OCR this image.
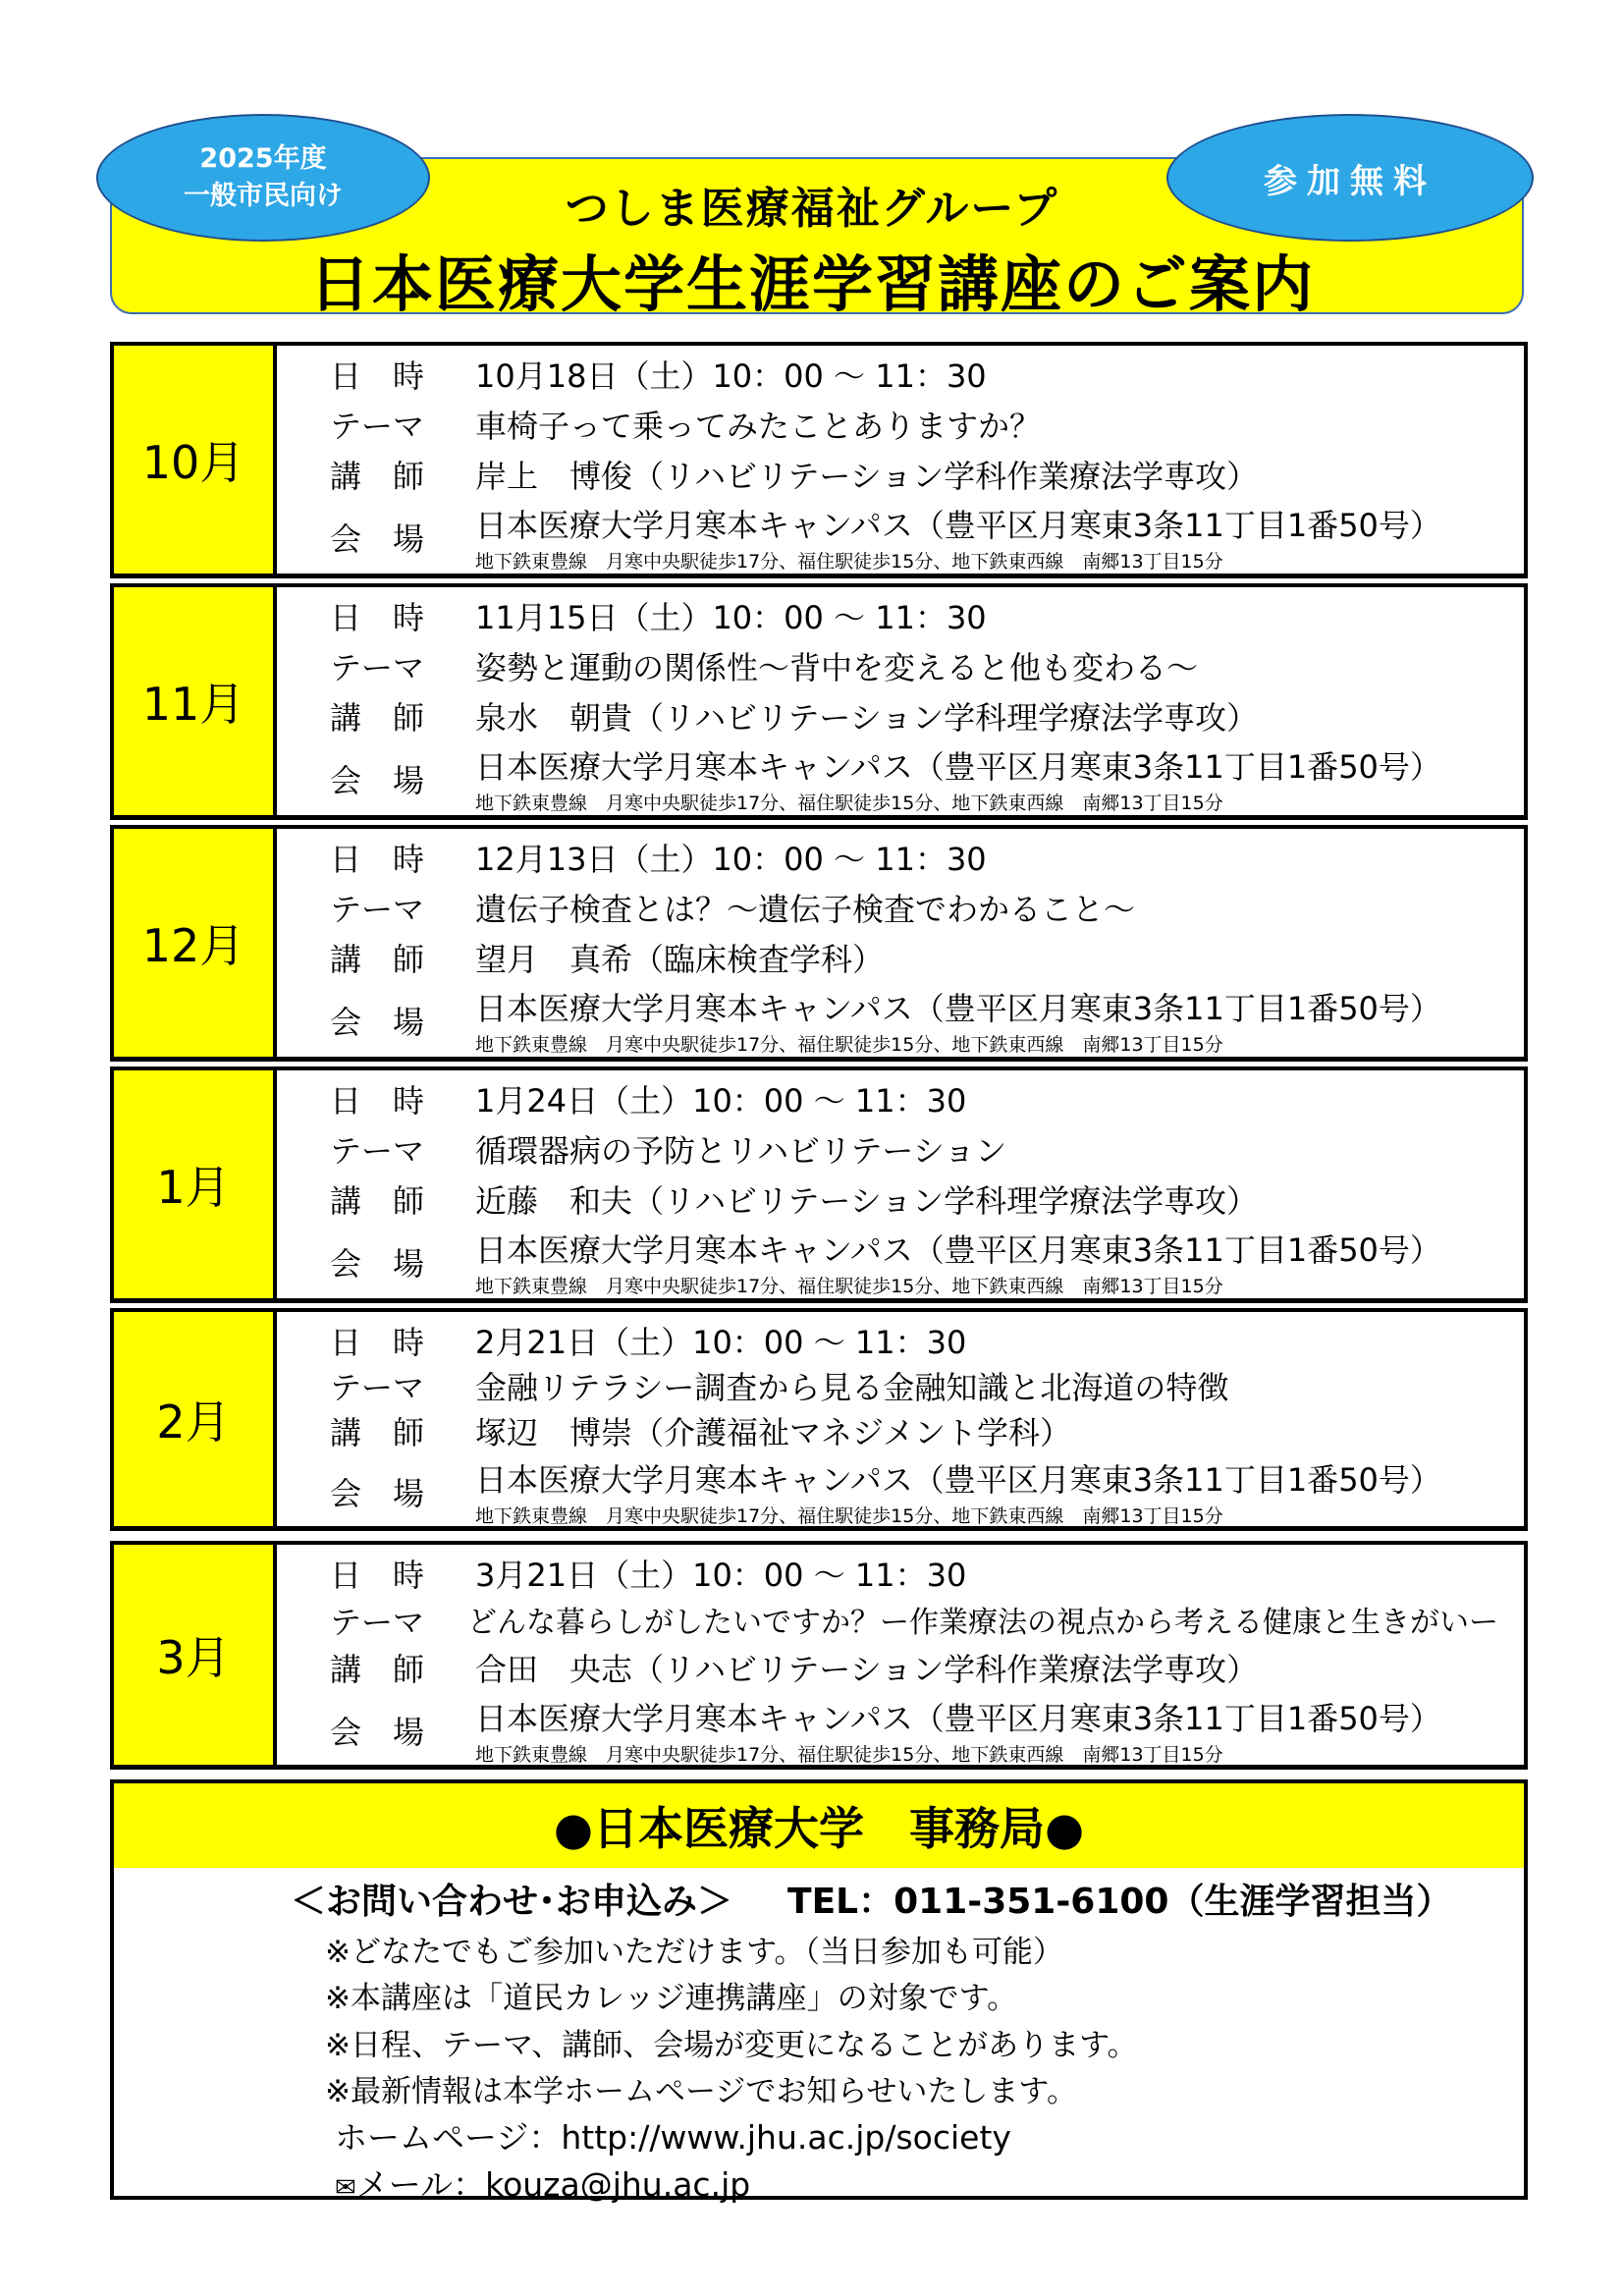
つしま医療福祉グループ
日本医療大学生涯学習講座のご案内
2025年度
一般市民向け	参加無料
10月
日　時 10月18日（土）10：00 ～ 11：30
テーマ 車椅子って乗ってみたことありますか？
講　師 岸上　博俊（リハビリテーション学科作業療法学専攻）
会　場 日本医療大学月寒本キャンパス（豊平区月寒東3条11丁目1番50号）
地下鉄東豊線　月寒中央駅徒歩17分、福住駅徒歩15分、地下鉄東西線　南郷13丁目15分
11月
日　時 11月15日（土）10：00 ～ 11：30
テーマ 姿勢と運動の関係性～背中を変えると他も変わる～
講　師 泉水　朝貴（リハビリテーション学科理学療法学専攻）
会　場 日本医療大学月寒本キャンパス（豊平区月寒東3条11丁目1番50号）
地下鉄東豊線　月寒中央駅徒歩17分、福住駅徒歩15分、地下鉄東西線　南郷13丁目15分
12月
日　時 12月13日（土）10：00 ～ 11：30
テーマ 遺伝子検査とは？～遺伝子検査でわかること～
講　師 望月　真希（臨床検査学科）
会　場 日本医療大学月寒本キャンパス（豊平区月寒東3条11丁目1番50号）
地下鉄東豊線　月寒中央駅徒歩17分、福住駅徒歩15分、地下鉄東西線　南郷13丁目15分
1月
日　時 1月24日（土）10：00 ～ 11：30
テーマ 循環器病の予防とリハビリテーション
講　師 近藤　和夫（リハビリテーション学科理学療法学専攻）
会　場 日本医療大学月寒本キャンパス（豊平区月寒東3条11丁目1番50号）
地下鉄東豊線　月寒中央駅徒歩17分、福住駅徒歩15分、地下鉄東西線　南郷13丁目15分
2月
日　時 2月21日（土）10：00 ～ 11：30
テーマ 金融リテラシー調査から見る金融知識と北海道の特徴
講　師 塚辺　博崇（介護福祉マネジメント学科）
会　場 日本医療大学月寒本キャンパス（豊平区月寒東3条11丁目1番50号）
地下鉄東豊線　月寒中央駅徒歩17分、福住駅徒歩15分、地下鉄東西線　南郷13丁目15分
3月
日　時 3月21日（土）10：00 ～ 11：30
テーマ どんな暮らしがしたいですか？ー作業療法の視点から考える健康と生きがいー
講　師 合田　央志（リハビリテーション学科作業療法学専攻）
会　場 日本医療大学月寒本キャンパス（豊平区月寒東3条11丁目1番50号）
地下鉄東豊線　月寒中央駅徒歩17分、福住駅徒歩15分、地下鉄東西線　南郷13丁目15分
●日本医療大学　事務局●
＜お問い合わせ･お申込み＞ TEL：011-351-6100（生涯学習担当）
※どなたでもご参加いただけます。（当日参加も可能）
※本講座は「道民カレッジ連携講座」の対象です。
※日程、テーマ、講師、会場が変更になることがあります。
※最新情報は本学ホームページでお知らせいたします。
ホームページ：http://www.jhu.ac.jp/society
✉メール：kouza@jhu.ac.jp
